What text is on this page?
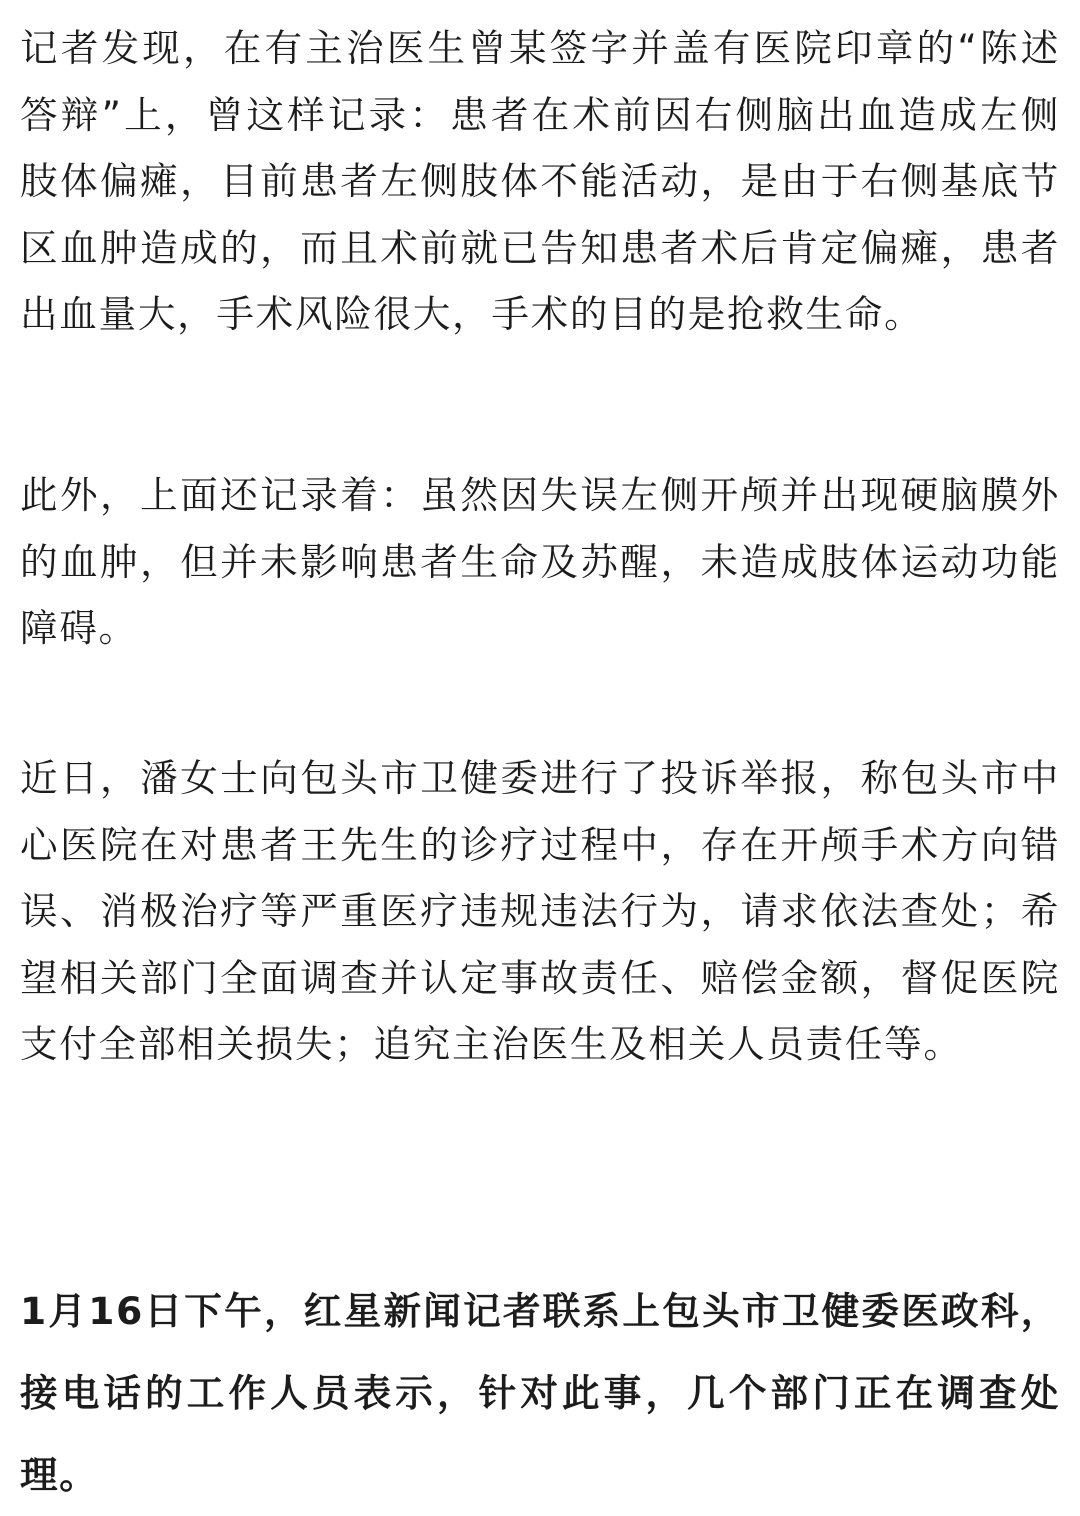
记者发现，在有主治医生曾某签字并盖有医院印章的“陈述答辩”上，曾这样记录：患者在术前因右侧脑出血造成左侧肢体偏瘫，目前患者左侧肢体不能活动，是由于右侧基底节区血肿造成的，而且术前就已告知患者术后肯定偏瘫，患者出血量大，手术风险很大，手术的目的是抢救生命。

此外，上面还记录着：虽然因失误左侧开颅并出现硬脑膜外的血肿，但并未影响患者生命及苏醒，未造成肢体运动功能障碍。

近日，潘女士向包头市卫健委进行了投诉举报，称包头市中心医院在对患者王先生的诊疗过程中，存在开颅手术方向错误、消极治疗等严重医疗违规违法行为，请求依法查处；希望相关部门全面调查并认定事故责任、赔偿金额，督促医院支付全部相关损失；追究主治医生及相关人员责任等。

1月16日下午，红星新闻记者联系上包头市卫健委医政科，接电话的工作人员表示，针对此事，几个部门正在调查处理。
